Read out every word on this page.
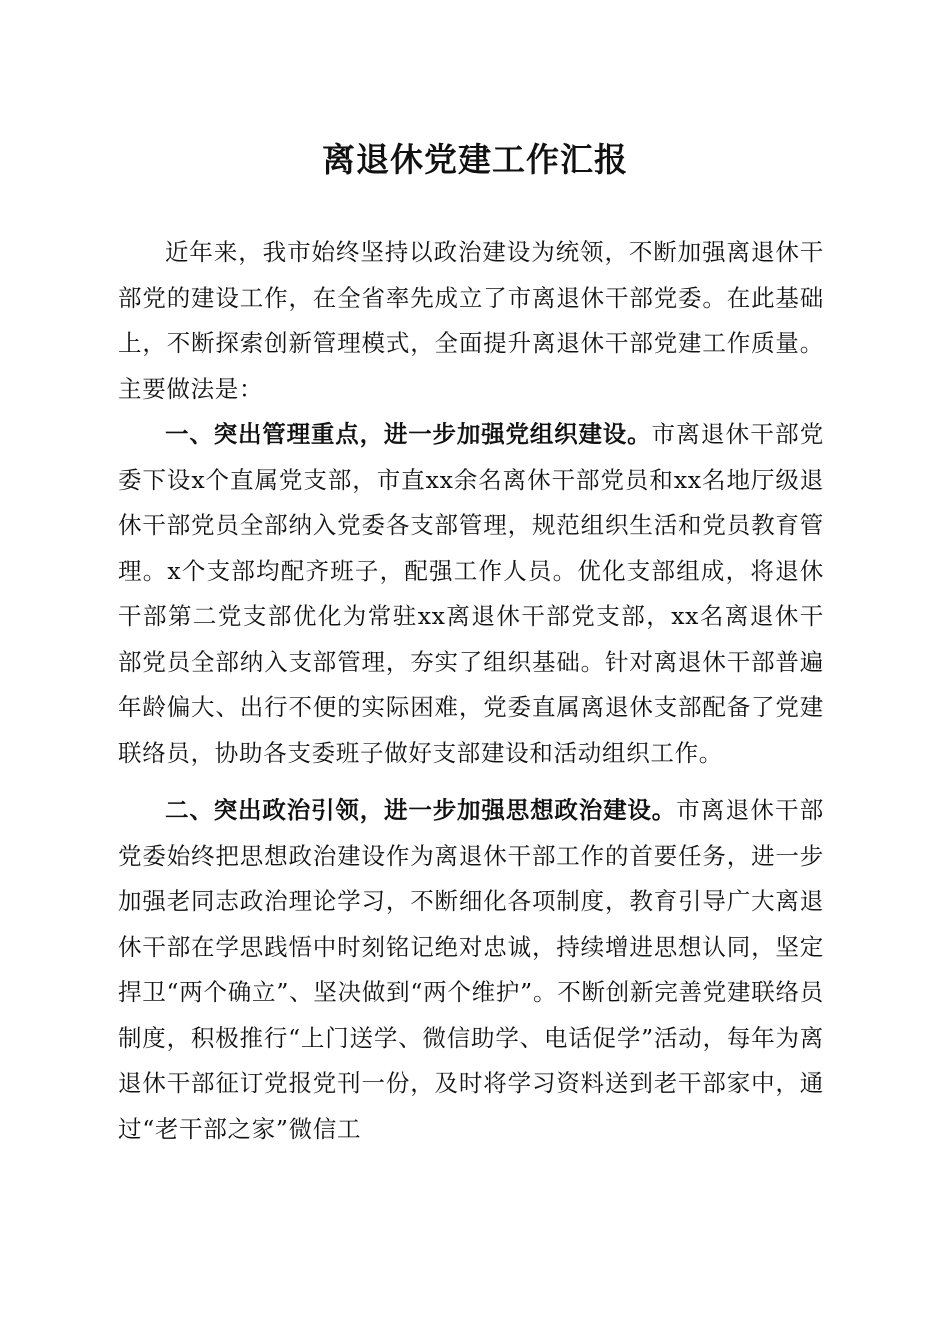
离退休党建工作汇报

近年来，我市始终坚持以政治建设为统领，不断加强离退休干部党的建设工作，在全省率先成立了市离退休干部党委。在此基础上，不断探索创新管理模式，全面提升离退休干部党建工作质量。主要做法是：

一、突出管理重点，进一步加强党组织建设。市离退休干部党委下设x个直属党支部，市直xx余名离休干部党员和xx名地厅级退休干部党员全部纳入党委各支部管理，规范组织生活和党员教育管理。x个支部均配齐班子，配强工作人员。优化支部组成，将退休干部第二党支部优化为常驻xx离退休干部党支部，xx名离退休干部党员全部纳入支部管理，夯实了组织基础。针对离退休干部普遍年龄偏大、出行不便的实际困难，党委直属离退休支部配备了党建联络员，协助各支委班子做好支部建设和活动组织工作。

二、突出政治引领，进一步加强思想政治建设。市离退休干部党委始终把思想政治建设作为离退休干部工作的首要任务，进一步加强老同志政治理论学习，不断细化各项制度，教育引导广大离退休干部在学思践悟中时刻铭记绝对忠诚，持续增进思想认同，坚定捍卫“两个确立”、坚决做到“两个维护”。不断创新完善党建联络员制度，积极推行“上门送学、微信助学、电话促学”活动，每年为离退休干部征订党报党刊一份，及时将学习资料送到老干部家中，通过“老干部之家”微信工
